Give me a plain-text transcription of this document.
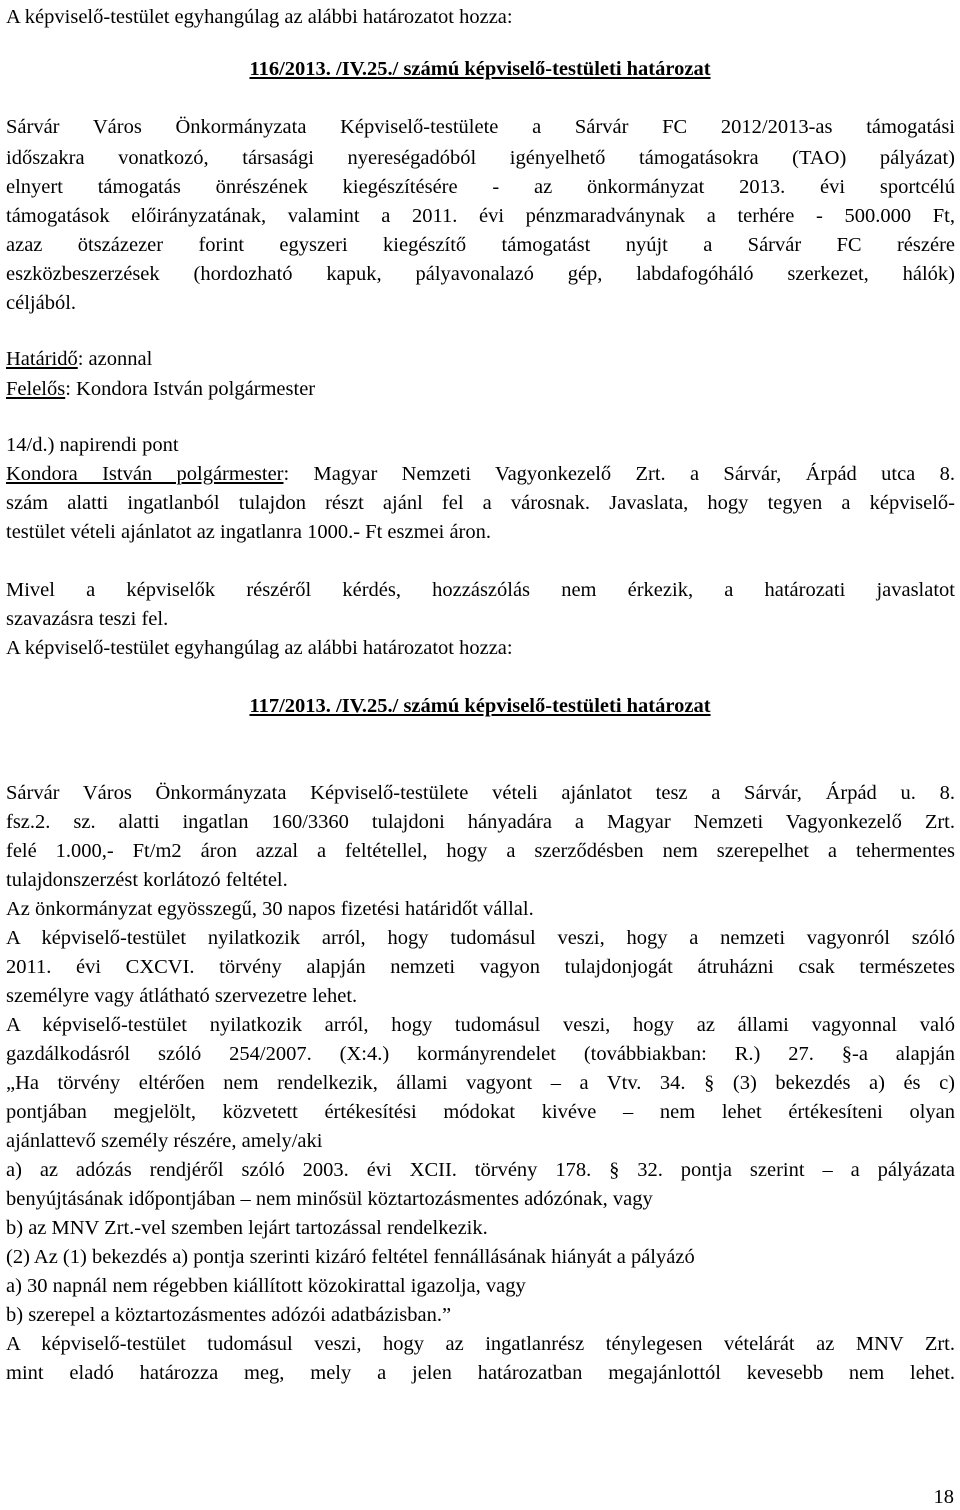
A képviselő-testület egyhangúlag az alábbi határozatot hozza:
116/2013. /IV.25./ számú képviselő-testületi határozat
Sárvár Város Önkormányzata Képviselő-testülete a Sárvár FC 2012/2013-as támogatási
időszakra vonatkozó, társasági nyereségadóból igényelhető támogatásokra (TAO) pályázat)
elnyert támogatás önrészének kiegészítésére - az önkormányzat 2013. évi sportcélú
támogatások előirányzatának, valamint a 2011. évi pénzmaradványnak a terhére - 500.000 Ft,
azaz ötszázezer forint egyszeri kiegészítő támogatást nyújt a Sárvár FC részére
eszközbeszerzések (hordozható kapuk, pályavonalazó gép, labdafogóháló szerkezet, hálók)
céljából.
Határidő: azonnal
Felelős: Kondora István polgármester
14/d.) napirendi pont
Kondora István polgármester: Magyar Nemzeti Vagyonkezelő Zrt. a Sárvár, Árpád utca 8.
szám alatti ingatlanból tulajdon részt ajánl fel a városnak. Javaslata, hogy tegyen a képviselő-
testület vételi ajánlatot az ingatlanra 1000.- Ft eszmei áron.
Mivel a képviselők részéről kérdés, hozzászólás nem érkezik, a határozati javaslatot
szavazásra teszi fel.
A képviselő-testület egyhangúlag az alábbi határozatot hozza:
117/2013. /IV.25./ számú képviselő-testületi határozat
Sárvár Város Önkormányzata Képviselő-testülete vételi ajánlatot tesz a Sárvár, Árpád u. 8.
fsz.2. sz. alatti ingatlan 160/3360 tulajdoni hányadára a Magyar Nemzeti Vagyonkezelő Zrt.
felé 1.000,- Ft/m2 áron azzal a feltétellel, hogy a szerződésben nem szerepelhet a tehermentes
tulajdonszerzést korlátozó feltétel.
Az önkormányzat egyösszegű, 30 napos fizetési határidőt vállal.
A képviselő-testület nyilatkozik arról, hogy tudomásul veszi, hogy a nemzeti vagyonról szóló
2011. évi CXCVI. törvény alapján nemzeti vagyon tulajdonjogát átruházni csak természetes
személyre vagy átlátható szervezetre lehet.
A képviselő-testület nyilatkozik arról, hogy tudomásul veszi, hogy az állami vagyonnal való
gazdálkodásról szóló 254/2007. (X:4.) kormányrendelet (továbbiakban: R.) 27. §-a alapján
„Ha törvény eltérően nem rendelkezik, állami vagyont – a Vtv. 34. § (3) bekezdés a) és c)
pontjában megjelölt, közvetett értékesítési módokat kivéve – nem lehet értékesíteni olyan
ajánlattevő személy részére, amely/aki
a) az adózás rendjéről szóló 2003. évi XCII. törvény 178. § 32. pontja szerint – a pályázata
benyújtásának időpontjában – nem minősül köztartozásmentes adózónak, vagy
b) az MNV Zrt.-vel szemben lejárt tartozással rendelkezik.
(2) Az (1) bekezdés a) pontja szerinti kizáró feltétel fennállásának hiányát a pályázó
a) 30 napnál nem régebben kiállított közokirattal igazolja, vagy
b) szerepel a köztartozásmentes adózói adatbázisban.”
A képviselő-testület tudomásul veszi, hogy az ingatlanrész ténylegesen vételárát az MNV Zrt.
mint eladó határozza meg, mely a jelen határozatban megajánlottól kevesebb nem lehet.
18
